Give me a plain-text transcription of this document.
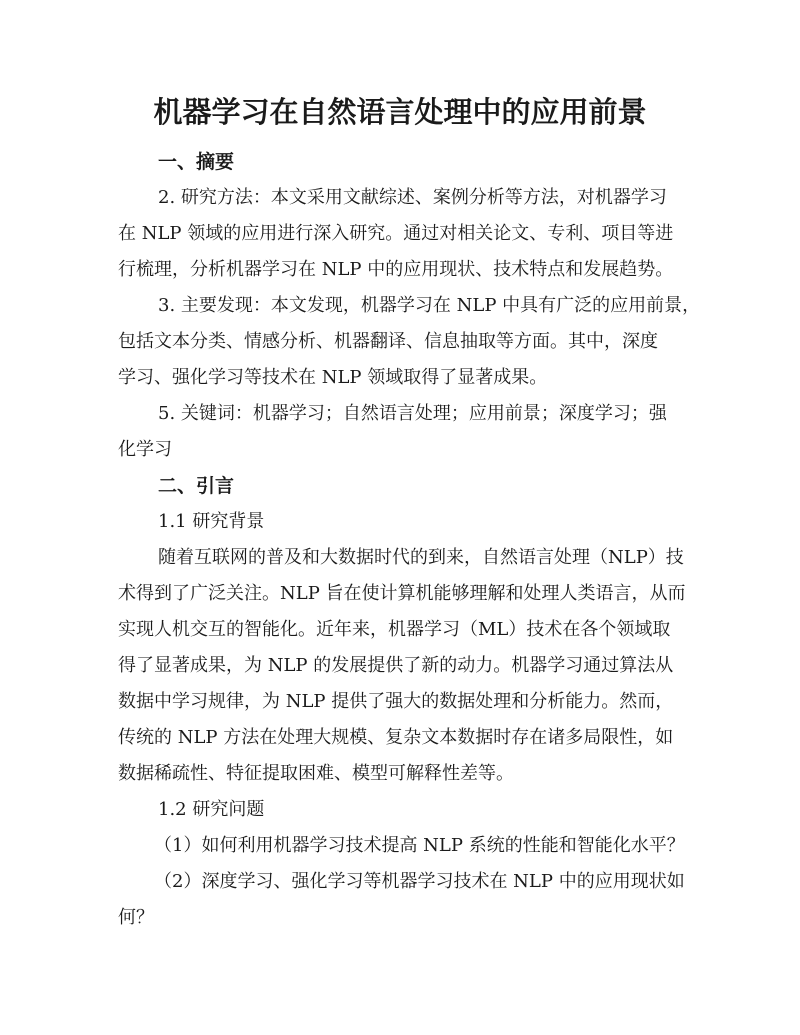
机器学习在自然语言处理中的应用前景
一、摘要

2. 研究方法：本文采用文献综述、案例分析等方法，对机器学习

在 NLP 领域的应用进行深入研究。通过对相关论文、专利、项目等进

行梳理，分析机器学习在 NLP 中的应用现状、技术特点和发展趋势。

3. 主要发现：本文发现，机器学习在 NLP 中具有广泛的应用前景，

包括文本分类、情感分析、机器翻译、信息抽取等方面。其中，深度

学习、强化学习等技术在 NLP 领域取得了显著成果。

5. 关键词：机器学习；自然语言处理；应用前景；深度学习；强

化学习

二、引言

1.1 研究背景

随着互联网的普及和大数据时代的到来，自然语言处理（NLP）技

术得到了广泛关注。NLP 旨在使计算机能够理解和处理人类语言，从而

实现人机交互的智能化。近年来，机器学习（ML）技术在各个领域取

得了显著成果，为 NLP 的发展提供了新的动力。机器学习通过算法从

数据中学习规律，为 NLP 提供了强大的数据处理和分析能力。然而，

传统的 NLP 方法在处理大规模、复杂文本数据时存在诸多局限性，如

数据稀疏性、特征提取困难、模型可解释性差等。

1.2 研究问题

（1）如何利用机器学习技术提高 NLP 系统的性能和智能化水平？

（2）深度学习、强化学习等机器学习技术在 NLP 中的应用现状如

何？
